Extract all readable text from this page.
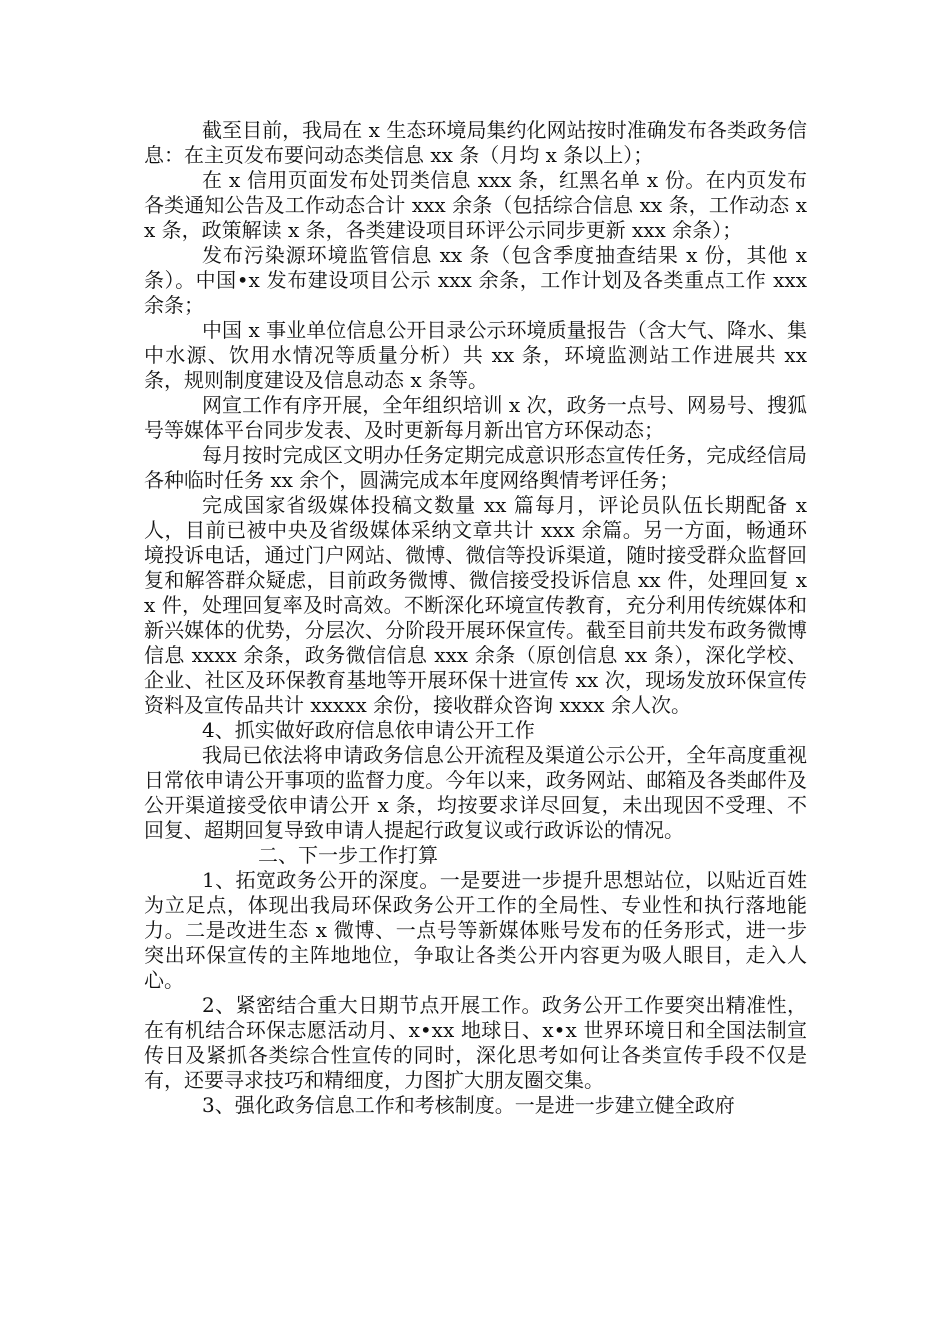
截至目前，我局在 x 生态环境局集约化网站按时准确发布各类政务信息：在主页发布要问动态类信息 xx 条（月均 x 条以上）；

在 x 信用页面发布处罚类信息 xxx 条，红黑名单 x 份。在内页发布各类通知公告及工作动态合计 xxx 余条（包括综合信息 xx 条，工作动态 xx 条，政策解读 x 条，各类建设项目环评公示同步更新 xxx 余条）；

发布污染源环境监管信息 xx 条（包含季度抽查结果 x 份，其他 x 条）。中国•x 发布建设项目公示 xxx 余条，工作计划及各类重点工作 xxx 余条；

中国 x 事业单位信息公开目录公示环境质量报告（含大气、降水、集中水源、饮用水情况等质量分析）共 xx 条，环境监测站工作进展共 xx 条，规则制度建设及信息动态 x 条等。

网宣工作有序开展，全年组织培训 x 次，政务一点号、网易号、搜狐号等媒体平台同步发表、及时更新每月新出官方环保动态；

每月按时完成区文明办任务定期完成意识形态宣传任务，完成经信局各种临时任务 xx 余个，圆满完成本年度网络舆情考评任务；

完成国家省级媒体投稿文数量 xx 篇每月，评论员队伍长期配备 x 人，目前已被中央及省级媒体采纳文章共计 xxx 余篇。另一方面，畅通环境投诉电话，通过门户网站、微博、微信等投诉渠道，随时接受群众监督回复和解答群众疑虑，目前政务微博、微信接受投诉信息 xx 件，处理回复 xx 件，处理回复率及时高效。不断深化环境宣传教育，充分利用传统媒体和新兴媒体的优势，分层次、分阶段开展环保宣传。截至目前共发布政务微博信息 xxxx 余条，政务微信信息 xxx 余条（原创信息 xx 条），深化学校、企业、社区及环保教育基地等开展环保十进宣传 xx 次，现场发放环保宣传资料及宣传品共计 xxxxx 余份，接收群众咨询 xxxx 余人次。

4、抓实做好政府信息依申请公开工作

我局已依法将申请政务信息公开流程及渠道公示公开，全年高度重视日常依申请公开事项的监督力度。今年以来，政务网站、邮箱及各类邮件及公开渠道接受依申请公开 x 条，均按要求详尽回复，未出现因不受理、不回复、超期回复导致申请人提起行政复议或行政诉讼的情况。

二、下一步工作打算

1、拓宽政务公开的深度。一是要进一步提升思想站位，以贴近百姓为立足点，体现出我局环保政务公开工作的全局性、专业性和执行落地能力。二是改进生态 x 微博、一点号等新媒体账号发布的任务形式，进一步突出环保宣传的主阵地地位，争取让各类公开内容更为吸人眼目，走入人心。

2、紧密结合重大日期节点开展工作。政务公开工作要突出精准性，在有机结合环保志愿活动月、x•xx 地球日、x•x 世界环境日和全国法制宣传日及紧抓各类综合性宣传的同时，深化思考如何让各类宣传手段不仅是有，还要寻求技巧和精细度，力图扩大朋友圈交集。

3、强化政务信息工作和考核制度。一是进一步建立健全政府
